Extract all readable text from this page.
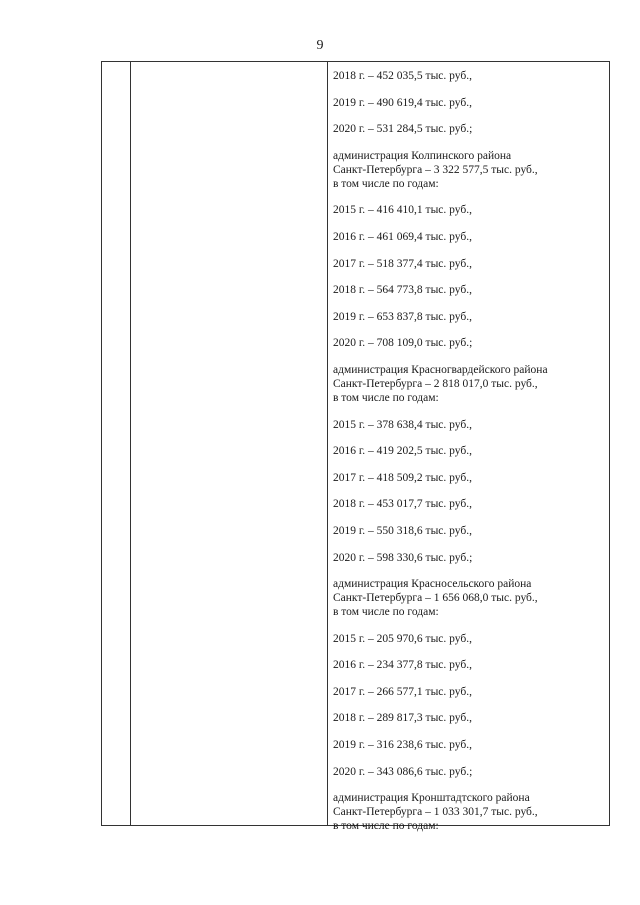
9
2018 г. – 452 035,5 тыс. руб.,
2019 г. – 490 619,4 тыс. руб.,
2020 г. – 531 284,5 тыс. руб.;
администрация Колпинского района
Санкт-Петербурга – 3 322 577,5 тыс. руб.,
в том числе по годам:
2015 г. – 416 410,1 тыс. руб.,
2016 г. – 461 069,4 тыс. руб.,
2017 г. – 518 377,4 тыс. руб.,
2018 г. – 564 773,8 тыс. руб.,
2019 г. – 653 837,8 тыс. руб.,
2020 г. – 708 109,0 тыс. руб.;
администрация Красногвардейского района
Санкт-Петербурга – 2 818 017,0 тыс. руб.,
в том числе по годам:
2015 г. – 378 638,4 тыс. руб.,
2016 г. – 419 202,5 тыс. руб.,
2017 г. – 418 509,2 тыс. руб.,
2018 г. – 453 017,7 тыс. руб.,
2019 г. – 550 318,6 тыс. руб.,
2020 г. – 598 330,6 тыс. руб.;
администрация Красносельского района
Санкт-Петербурга – 1 656 068,0 тыс. руб.,
в том числе по годам:
2015 г. – 205 970,6 тыс. руб.,
2016 г. – 234 377,8 тыс. руб.,
2017 г. – 266 577,1 тыс. руб.,
2018 г. – 289 817,3 тыс. руб.,
2019 г. – 316 238,6 тыс. руб.,
2020 г. – 343 086,6 тыс. руб.;
администрация Кронштадтского района
Санкт-Петербурга – 1 033 301,7 тыс. руб.,
в том числе по годам:
